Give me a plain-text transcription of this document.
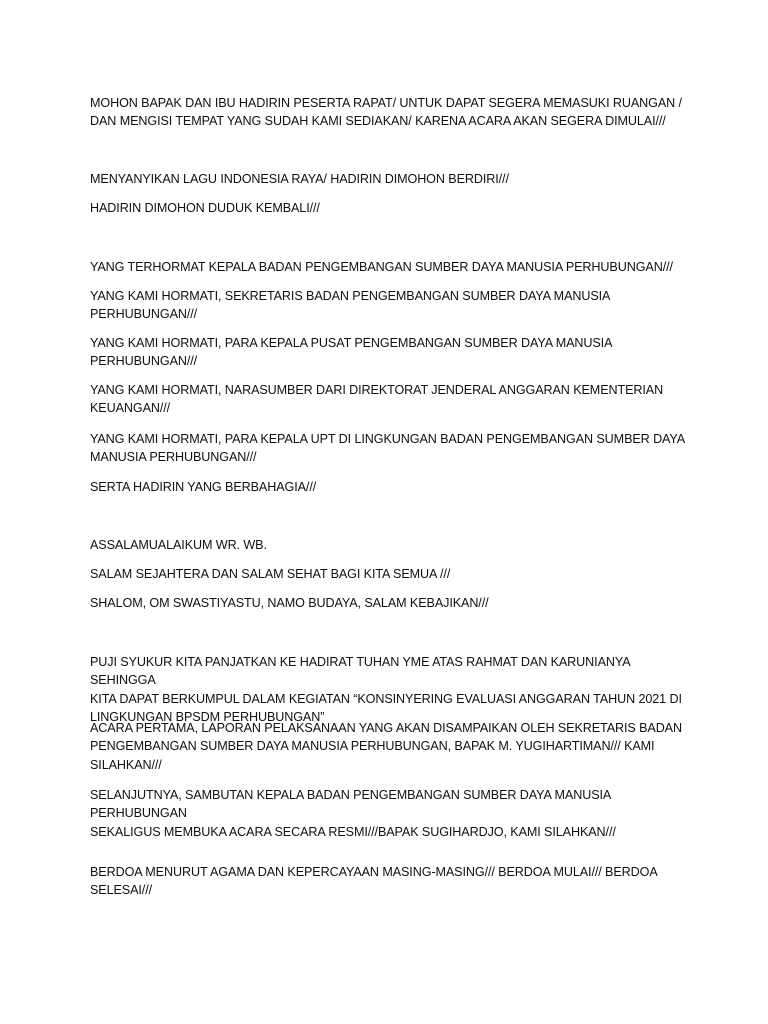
MOHON BAPAK DAN IBU HADIRIN PESERTA RAPAT/ UNTUK DAPAT SEGERA MEMASUKI RUANGAN /
DAN MENGISI TEMPAT YANG SUDAH KAMI SEDIAKAN/ KARENA ACARA AKAN SEGERA DIMULAI///

MENYANYIKAN LAGU INDONESIA RAYA/ HADIRIN DIMOHON BERDIRI///

HADIRIN DIMOHON DUDUK KEMBALI///

YANG TERHORMAT KEPALA BADAN PENGEMBANGAN SUMBER DAYA MANUSIA PERHUBUNGAN///

YANG KAMI HORMATI, SEKRETARIS BADAN PENGEMBANGAN SUMBER DAYA MANUSIA
PERHUBUNGAN///

YANG KAMI HORMATI, PARA KEPALA PUSAT PENGEMBANGAN SUMBER DAYA MANUSIA
PERHUBUNGAN///

YANG KAMI HORMATI, NARASUMBER DARI DIREKTORAT JENDERAL ANGGARAN KEMENTERIAN
KEUANGAN///

YANG KAMI HORMATI, PARA KEPALA UPT DI LINGKUNGAN BADAN PENGEMBANGAN SUMBER DAYA
MANUSIA PERHUBUNGAN///

SERTA HADIRIN YANG BERBAHAGIA///

ASSALAMUALAIKUM WR. WB.

SALAM SEJAHTERA DAN SALAM SEHAT BAGI KITA SEMUA ///

SHALOM, OM SWASTIYASTU, NAMO BUDAYA, SALAM KEBAJIKAN///

PUJI SYUKUR KITA PANJATKAN KE HADIRAT TUHAN YME ATAS RAHMAT DAN KARUNIANYA SEHINGGA
KITA DAPAT BERKUMPUL DALAM KEGIATAN “KONSINYERING EVALUASI ANGGARAN TAHUN 2021 DI
LINGKUNGAN BPSDM PERHUBUNGAN”

ACARA PERTAMA, LAPORAN PELAKSANAAN YANG AKAN DISAMPAIKAN OLEH SEKRETARIS BADAN
PENGEMBANGAN SUMBER DAYA MANUSIA PERHUBUNGAN, BAPAK M. YUGIHARTIMAN/// KAMI
SILAHKAN///

SELANJUTNYA, SAMBUTAN KEPALA BADAN PENGEMBANGAN SUMBER DAYA MANUSIA PERHUBUNGAN
SEKALIGUS MEMBUKA ACARA SECARA RESMI///BAPAK SUGIHARDJO, KAMI SILAHKAN///

BERDOA MENURUT AGAMA DAN KEPERCAYAAN MASING-MASING/// BERDOA MULAI/// BERDOA
SELESAI///
